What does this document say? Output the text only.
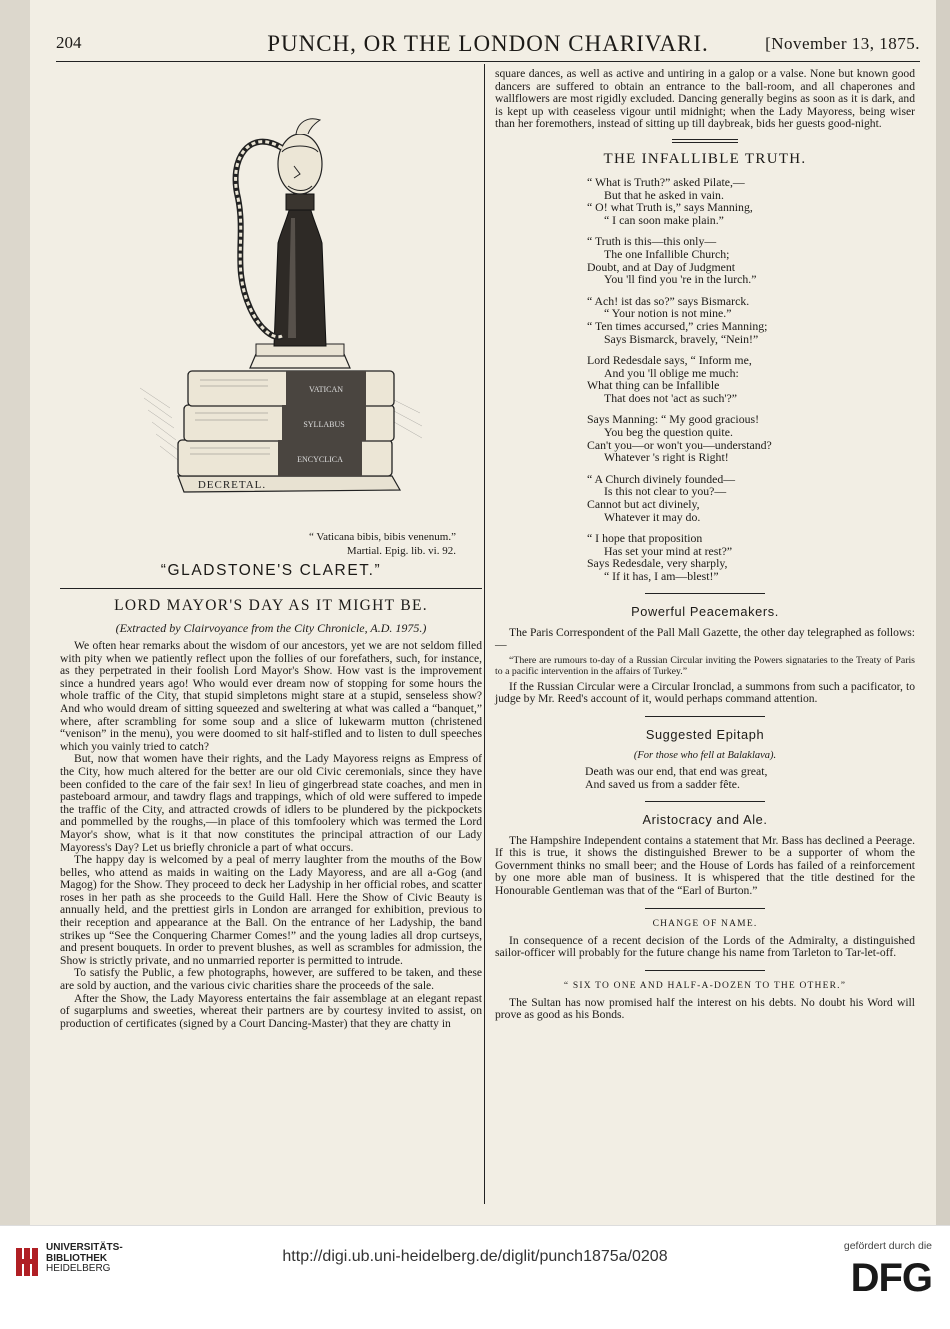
204	PUNCH, OR THE LONDON CHARIVARI.	[November 13, 1875.
ENCYCLICA
SYLLABUS
VATICAN
DECRETAL.
“ Vaticana bibis, bibis venenum.”
Martial. Epig. lib. vi. 92.
“GLADSTONE'S CLARET.”
LORD MAYOR'S DAY AS IT MIGHT BE.
(Extracted by Clairvoyance from the City Chronicle, A.D. 1975.)

We often hear remarks about the wisdom of our ancestors, yet we are not seldom filled with pity when we patiently reflect upon the follies of our forefathers, such, for instance, as they perpetrated in their foolish Lord Mayor's Show. How vast is the improvement since a hundred years ago! Who would ever dream now of stopping for some hours the whole traffic of the City, that stupid simpletons might stare at a stupid, senseless show? And who would dream of sitting squeezed and sweltering at what was called a “banquet,” where, after scrambling for some soup and a slice of lukewarm mutton (christened “venison” in the menu), you were doomed to sit half-stifled and to listen to dull speeches which you vainly tried to catch?

But, now that women have their rights, and the Lady Mayoress reigns as Empress of the City, how much altered for the better are our old Civic ceremonials, since they have been confided to the care of the fair sex! In lieu of gingerbread state coaches, and men in pasteboard armour, and tawdry flags and trappings, which of old were suffered to impede the traffic of the City, and attracted crowds of idlers to be plundered by the pickpockets and pommelled by the roughs,—in place of this tomfoolery which was termed the Lord Mayor's show, what is it that now constitutes the principal attraction of our Lady Mayoress's Day? Let us briefly chronicle a part of what occurs.

The happy day is welcomed by a peal of merry laughter from the mouths of the Bow belles, who attend as maids in waiting on the Lady Mayoress, and are all a-Gog (and Magog) for the Show. They proceed to deck her Ladyship in her official robes, and scatter roses in her path as she proceeds to the Guild Hall. Here the Show of Civic Beauty is annually held, and the prettiest girls in London are arranged for exhibition, previous to their reception and appearance at the Ball. On the entrance of her Ladyship, the band strikes up “See the Conquering Charmer Comes!” and the young ladies all drop curtseys, and present bouquets. In order to prevent blushes, as well as scrambles for admission, the Show is strictly private, and no unmarried reporter is permitted to intrude.

To satisfy the Public, a few photographs, however, are suffered to be taken, and these are sold by auction, and the various civic charities share the proceeds of the sale.

After the Show, the Lady Mayoress entertains the fair assemblage at an elegant repast of sugarplums and sweeties, whereat their partners are by courtesy invited to assist, on production of certificates (signed by a Court Dancing-Master) that they are chatty in

square dances, as well as active and untiring in a galop or a valse. None but known good dancers are suffered to obtain an entrance to the ball-room, and all chaperones and wallflowers are most rigidly excluded. Dancing generally begins as soon as it is dark, and is kept up with ceaseless vigour until midnight; when the Lady Mayoress, being wiser than her foremothers, instead of sitting up till daybreak, bids her guests good-night.

THE INFALLIBLE TRUTH.
“ What is Truth?” asked Pilate,—
But that he asked in vain.
“ O! what Truth is,” says Manning,
“ I can soon make plain.”
“ Truth is this—this only—
The one Infallible Church;
Doubt, and at Day of Judgment
You 'll find you 're in the lurch.”
“ Ach! ist das so?” says Bismarck.
“ Your notion is not mine.”
“ Ten times accursed,” cries Manning;
Says Bismarck, bravely, “Nein!”
Lord Redesdale says, “ Inform me,
And you 'll oblige me much:
What thing can be Infallible
That does not 'act as such'?”
Says Manning: “ My good gracious!
You beg the question quite.
Can't you—or won't you—understand?
Whatever 's right is Right!
“ A Church divinely founded—
Is this not clear to you?—
Cannot but act divinely,
Whatever it may do.
“ I hope that proposition
Has set your mind at rest?”
Says Redesdale, very sharply,
“ If it has, I am—blest!”
Powerful Peacemakers.

The Paris Correspondent of the Pall Mall Gazette, the other day telegraphed as follows:—

“There are rumours to-day of a Russian Circular inviting the Powers signataries to the Treaty of Paris to a pacific intervention in the affairs of Turkey.”

If the Russian Circular were a Circular Ironclad, a summons from such a pacificator, to judge by Mr. Reed's account of it, would perhaps command attention.

Suggested Epitaph
(For those who fell at Balaklava).
Death was our end, that end was great,
And saved us from a sadder fête.
Aristocracy and Ale.

The Hampshire Independent contains a statement that Mr. Bass has declined a Peerage. If this is true, it shows the distinguished Brewer to be a supporter of whom the Government thinks no small beer; and the House of Lords has failed of a reinforcement by one more able man of business. It is whispered that the title destined for the Honourable Gentleman was that of the “Earl of Burton.”

CHANGE OF NAME.

In consequence of a recent decision of the Lords of the Admiralty, a distinguished sailor-officer will probably for the future change his name from Tarleton to Tar-let-off.

“ SIX TO ONE AND HALF-A-DOZEN TO THE OTHER.”

The Sultan has now promised half the interest on his debts. No doubt his Word will prove as good as his Bonds.

UNIVERSITÄTS-
BIBLIOTHEK
HEIDELBERG
http://digi.ub.uni-heidelberg.de/diglit/punch1875a/0208
gefördert durch die
DFG
